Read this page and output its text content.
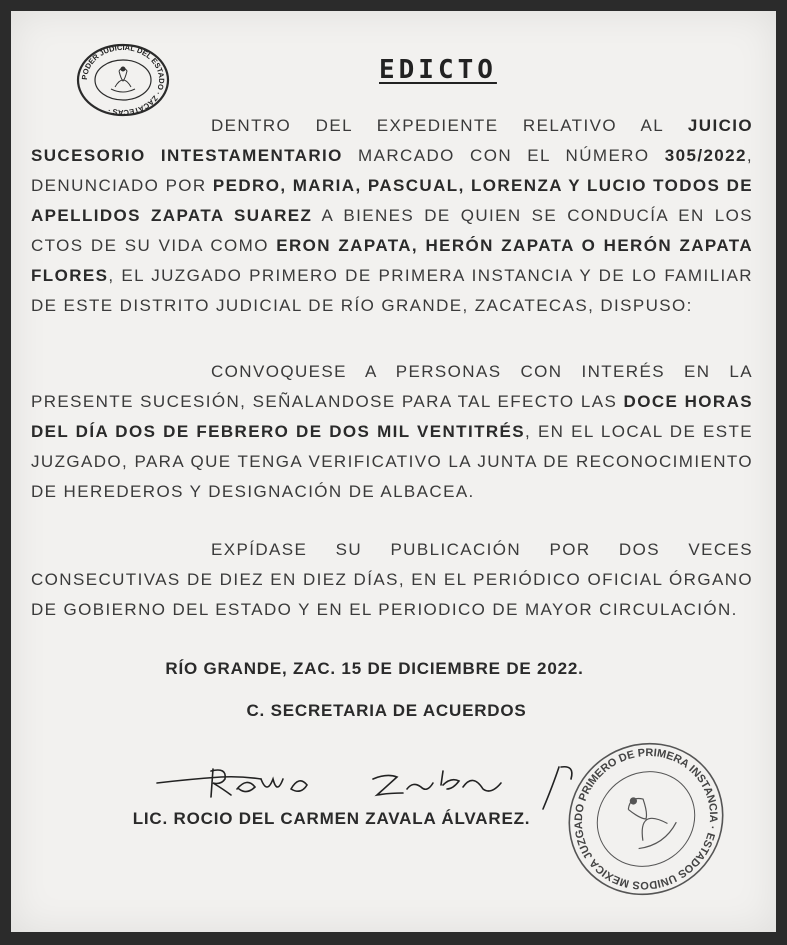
PODER JUDICIAL DEL ESTADO · ZACATECAS ·
EDICTO
DENTRO DEL EXPEDIENTE RELATIVO AL JUICIO SUCESORIO INTESTAMENTARIO MARCADO CON EL NÚMERO 305/2022, DENUNCIADO POR PEDRO, MARIA, PASCUAL, LORENZA Y LUCIO TODOS DE APELLIDOS ZAPATA SUAREZ A BIENES DE QUIEN SE CONDUCÍA EN LOS CTOS DE SU VIDA COMO ERON ZAPATA, HERÓN ZAPATA O HERÓN ZAPATA FLORES, EL JUZGADO PRIMERO DE PRIMERA INSTANCIA Y DE LO FAMILIAR DE ESTE DISTRITO JUDICIAL DE RÍO GRANDE, ZACATECAS, DISPUSO:
CONVOQUESE A PERSONAS CON INTERÉS EN LA PRESENTE SUCESIÓN, SEÑALANDOSE PARA TAL EFECTO LAS DOCE HORAS DEL DÍA DOS DE FEBRERO DE DOS MIL VENTITRÉS, EN EL LOCAL DE ESTE JUZGADO, PARA QUE TENGA VERIFICATIVO LA JUNTA DE RECONOCIMIENTO DE HEREDEROS Y DESIGNACIÓN DE ALBACEA.
EXPÍDASE SU PUBLICACIÓN POR DOS VECES CONSECUTIVAS DE DIEZ EN DIEZ DÍAS, EN EL PERIÓDICO OFICIAL ÓRGANO DE GOBIERNO DEL ESTADO Y EN EL PERIODICO DE MAYOR CIRCULACIÓN.
RÍO GRANDE, ZAC. 15 DE DICIEMBRE DE 2022.
C. SECRETARIA DE ACUERDOS
LIC. ROCIO DEL CARMEN ZAVALA ÁLVAREZ.
JUZGADO PRIMERO DE PRIMERA INSTANCIA · ESTADOS UNIDOS MEXICANOS
